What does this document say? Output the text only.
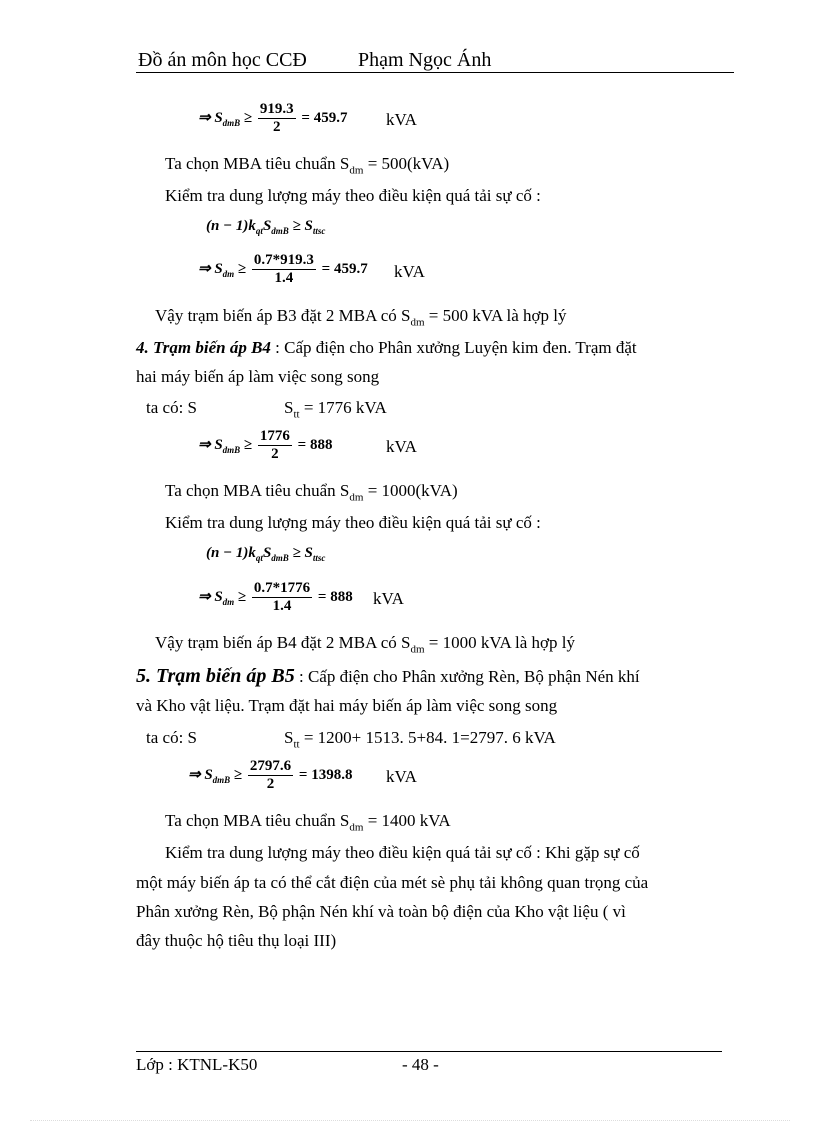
Đồ án môn học CCĐ	Phạm Ngọc Ánh
⇒ $S_{dmB} \ge \frac{919.3}{2} = 459.7$ kVA
Ta chọn MBA tiêu chuẩn $S_{dm} = 500(kVA)$
Kiểm tra dung lượng máy theo điều kiện quá tải sự cố :
$(n - 1)k_{qt}S_{dmB} \ge S_{ttsc}$
⇒ $S_{dm} \ge \frac{0.7*919.3}{1.4} = 459.7$ kVA
Vậy trạm biến áp B3 đặt 2 MBA có $S_{dm} = 500$ kVA là hợp lý
4. Trạm biến áp B4 : Cấp điện cho Phân xưởng Luyện kim đen. Trạm đặt
hai máy biến áp làm việc song song
ta có: S	$S_{tt} = 1776$ kVA
⇒ $S_{dmB} \ge \frac{1776}{2} = 888$	kVA
Ta chọn MBA tiêu chuẩn $S_{dm} = 1000(kVA)$
Kiểm tra dung lượng máy theo điều kiện quá tải sự cố :
$(n - 1)k_{qt}S_{dmB} \ge S_{ttsc}$
⇒ $S_{dm} \ge \frac{0.7*1776}{1.4} = 888$ kVA
Vậy trạm biến áp B4 đặt 2 MBA có $S_{dm} = 1000$ kVA là hợp lý
5. Trạm biến áp B5 : Cấp điện cho Phân xưởng Rèn, Bộ phận Nén khí
và Kho vật liệu. Trạm đặt hai máy biến áp làm việc song song
ta có: S	$S_{tt} = 1200+ 1513$. 5+84. 1=2797. 6 kVA
⇒ $S_{dmB} \ge \frac{2797.6}{2} = 1398.8$ kVA
Ta chọn MBA tiêu chuẩn $S_{dm} = 1400$ kVA
Kiểm tra dung lượng máy theo điều kiện quá tải sự cố : Khi gặp sự cố
một máy biến áp ta có thể cắt điện của mét sè phụ tải không quan trọng của
Phân xưởng Rèn, Bộ phận Nén khí và toàn bộ điện của Kho vật liệu ( vì
đây thuộc hộ tiêu thụ loại III)
Lớp : KTNL-K50	- 48 -
